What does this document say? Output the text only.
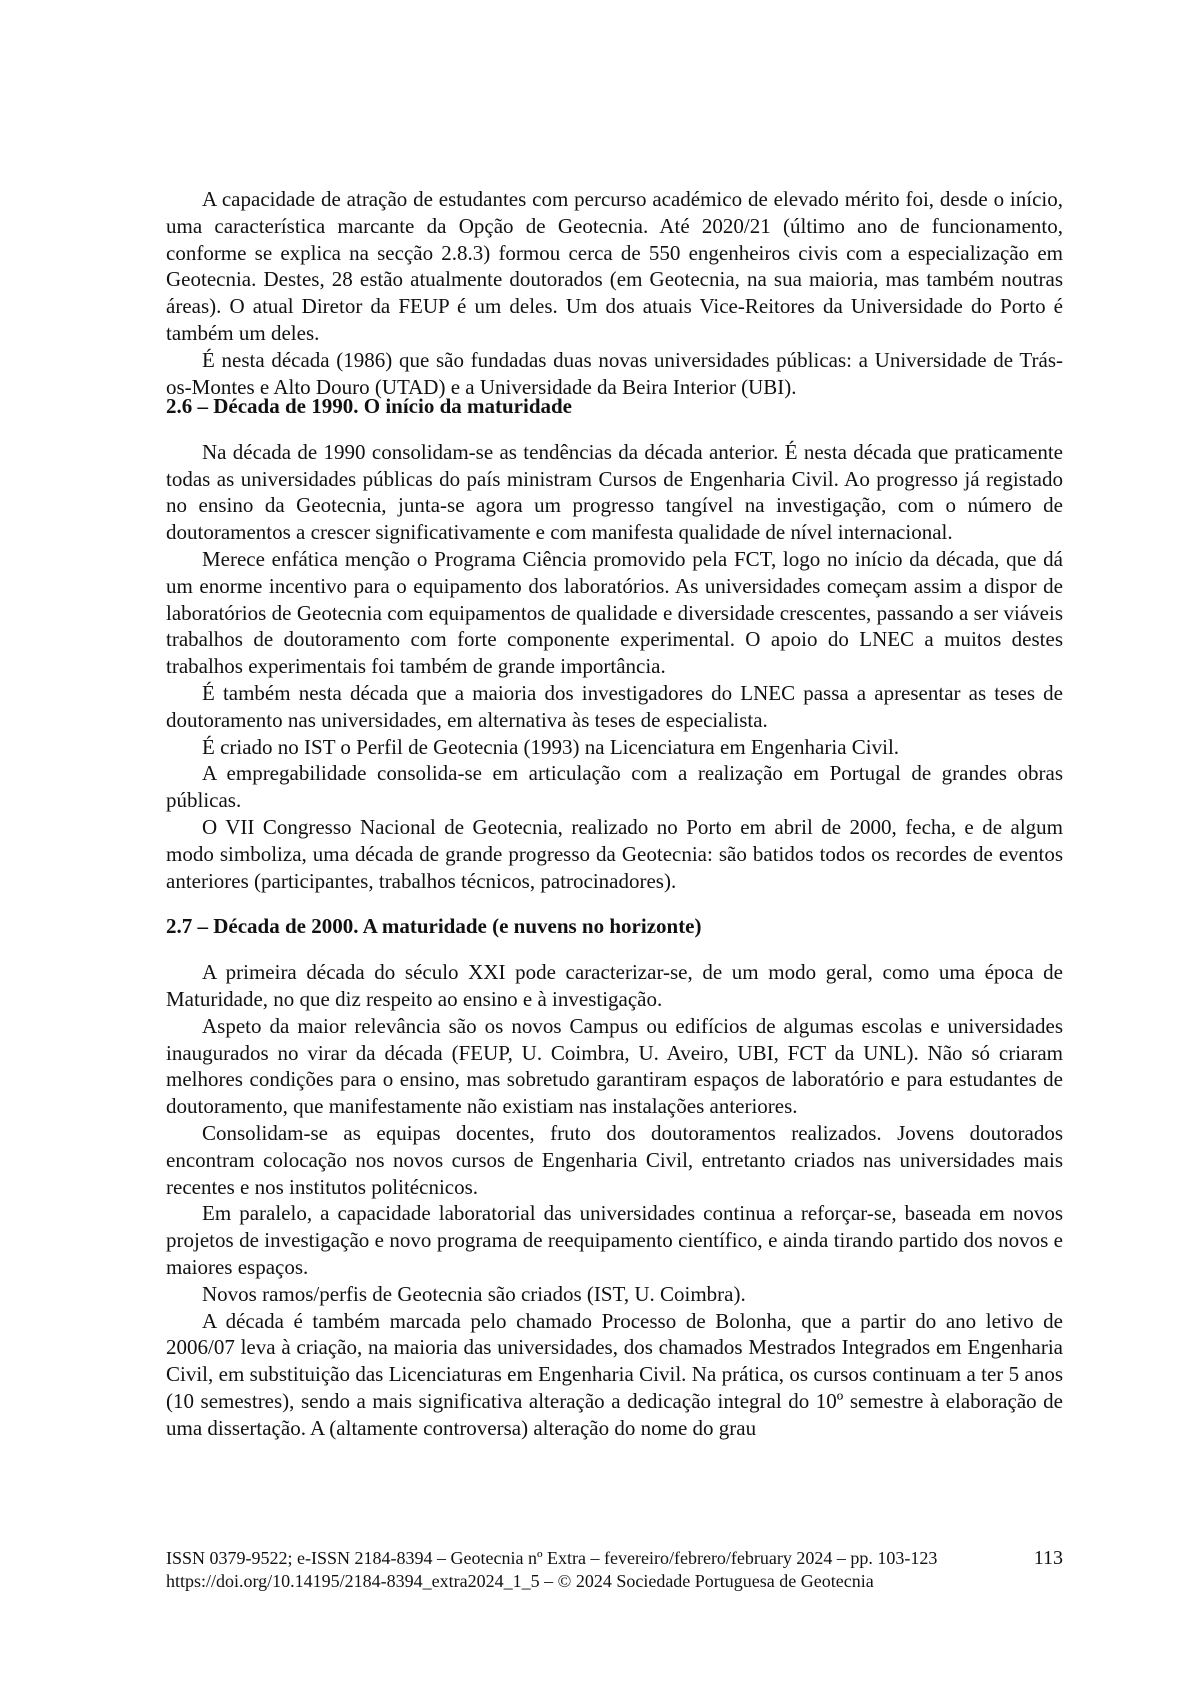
A capacidade de atração de estudantes com percurso académico de elevado mérito foi, desde o início, uma característica marcante da Opção de Geotecnia. Até 2020/21 (último ano de funcionamento, conforme se explica na secção 2.8.3) formou cerca de 550 engenheiros civis com a especialização em Geotecnia. Destes, 28 estão atualmente doutorados (em Geotecnia, na sua maioria, mas também noutras áreas). O atual Diretor da FEUP é um deles. Um dos atuais Vice-Reitores da Universidade do Porto é também um deles.

É nesta década (1986) que são fundadas duas novas universidades públicas: a Universidade de Trás-os-Montes e Alto Douro (UTAD) e a Universidade da Beira Interior (UBI).

2.6 – Década de 1990. O início da maturidade

Na década de 1990 consolidam-se as tendências da década anterior. É nesta década que praticamente todas as universidades públicas do país ministram Cursos de Engenharia Civil. Ao progresso já registado no ensino da Geotecnia, junta-se agora um progresso tangível na investigação, com o número de doutoramentos a crescer significativamente e com manifesta qualidade de nível internacional.

Merece enfática menção o Programa Ciência promovido pela FCT, logo no início da década, que dá um enorme incentivo para o equipamento dos laboratórios. As universidades começam assim a dispor de laboratórios de Geotecnia com equipamentos de qualidade e diversidade crescentes, passando a ser viáveis trabalhos de doutoramento com forte componente experimental. O apoio do LNEC a muitos destes trabalhos experimentais foi também de grande importância.

É também nesta década que a maioria dos investigadores do LNEC passa a apresentar as teses de doutoramento nas universidades, em alternativa às teses de especialista.

É criado no IST o Perfil de Geotecnia (1993) na Licenciatura em Engenharia Civil.

A empregabilidade consolida-se em articulação com a realização em Portugal de grandes obras públicas.

O VII Congresso Nacional de Geotecnia, realizado no Porto em abril de 2000, fecha, e de algum modo simboliza, uma década de grande progresso da Geotecnia: são batidos todos os recordes de eventos anteriores (participantes, trabalhos técnicos, patrocinadores).

2.7 – Década de 2000. A maturidade (e nuvens no horizonte)

A primeira década do século XXI pode caracterizar-se, de um modo geral, como uma época de Maturidade, no que diz respeito ao ensino e à investigação.

Aspeto da maior relevância são os novos Campus ou edifícios de algumas escolas e universidades inaugurados no virar da década (FEUP, U. Coimbra, U. Aveiro, UBI, FCT da UNL). Não só criaram melhores condições para o ensino, mas sobretudo garantiram espaços de laboratório e para estudantes de doutoramento, que manifestamente não existiam nas instalações anteriores.

Consolidam-se as equipas docentes, fruto dos doutoramentos realizados. Jovens doutorados encontram colocação nos novos cursos de Engenharia Civil, entretanto criados nas universidades mais recentes e nos institutos politécnicos.

Em paralelo, a capacidade laboratorial das universidades continua a reforçar-se, baseada em novos projetos de investigação e novo programa de reequipamento científico, e ainda tirando partido dos novos e maiores espaços.

Novos ramos/perfis de Geotecnia são criados (IST, U. Coimbra).

A década é também marcada pelo chamado Processo de Bolonha, que a partir do ano letivo de 2006/07 leva à criação, na maioria das universidades, dos chamados Mestrados Integrados em Engenharia Civil, em substituição das Licenciaturas em Engenharia Civil. Na prática, os cursos continuam a ter 5 anos (10 semestres), sendo a mais significativa alteração a dedicação integral do 10º semestre à elaboração de uma dissertação. A (altamente controversa) alteração do nome do grau

ISSN 0379-9522; e-ISSN 2184-8394 – Geotecnia nº Extra – fevereiro/febrero/february 2024 – pp. 103-123
https://doi.org/10.14195/2184-8394_extra2024_1_5 – © 2024 Sociedade Portuguesa de Geotecnia
113
